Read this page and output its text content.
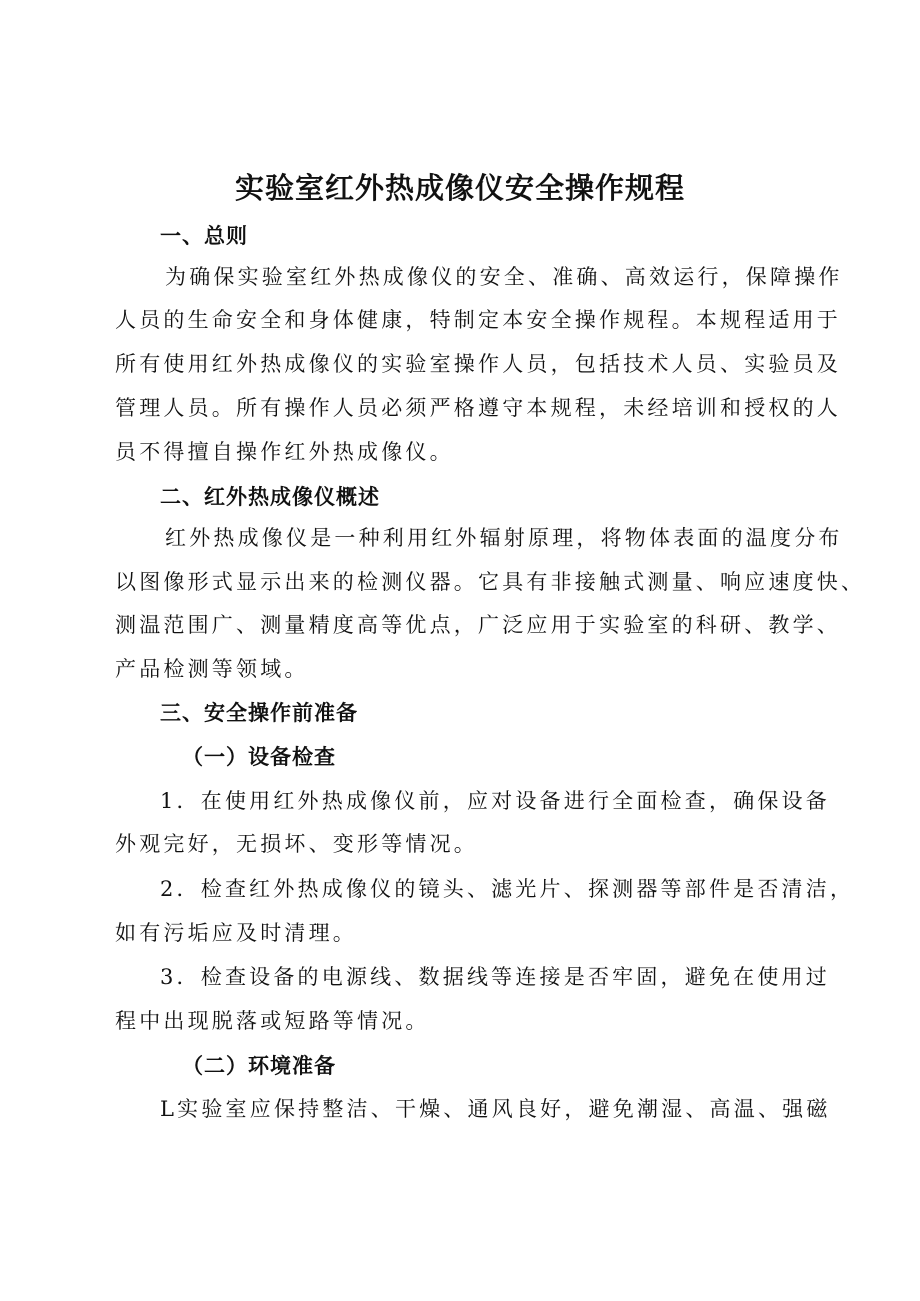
实验室红外热成像仪安全操作规程
一、总则

为确保实验室红外热成像仪的安全、准确、高效运行，保障操作

人员的生命安全和身体健康，特制定本安全操作规程。本规程适用于

所有使用红外热成像仪的实验室操作人员，包括技术人员、实验员及

管理人员。所有操作人员必须严格遵守本规程，未经培训和授权的人

员不得擅自操作红外热成像仪。

二、红外热成像仪概述

红外热成像仪是一种利用红外辐射原理，将物体表面的温度分布

以图像形式显示出来的检测仪器。它具有非接触式测量、响应速度快、

测温范围广、测量精度高等优点，广泛应用于实验室的科研、教学、

产品检测等领域。

三、安全操作前准备
（一）设备检查

1．在使用红外热成像仪前，应对设备进行全面检查，确保设备

外观完好，无损坏、变形等情况。

2．检查红外热成像仪的镜头、滤光片、探测器等部件是否清洁，

如有污垢应及时清理。

3．检查设备的电源线、数据线等连接是否牢固，避免在使用过

程中出现脱落或短路等情况。

（二）环境准备

L实验室应保持整洁、干燥、通风良好，避免潮湿、高温、强磁
